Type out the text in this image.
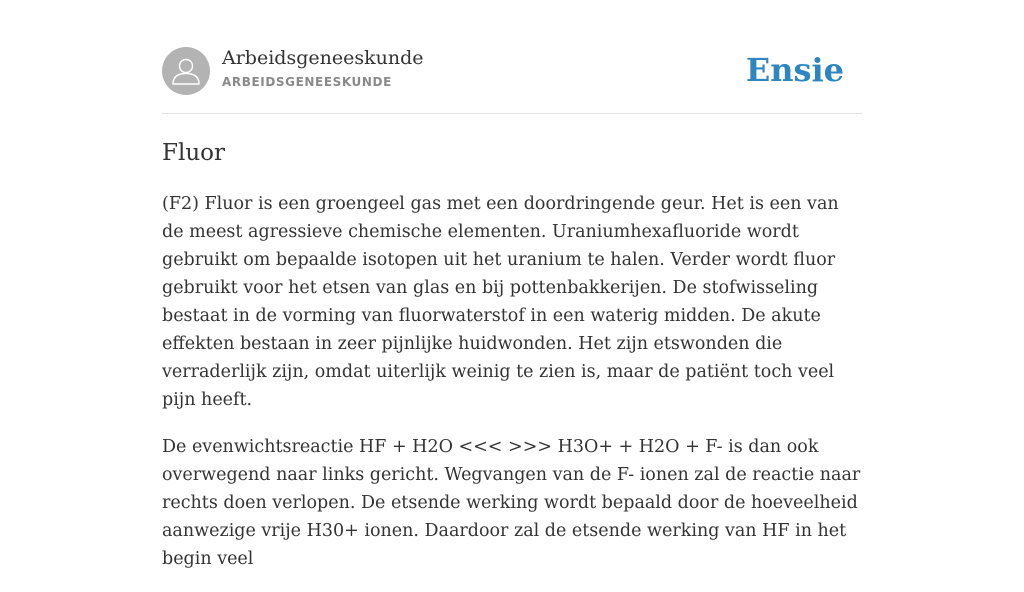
Arbeidsgeneeskunde
ARBEIDSGENEESKUNDE	Ensie
Fluor

(F2) Fluor is een groengeel gas met een doordringende geur. Het is een van de meest agressieve chemische elementen. Uraniumhexafluoride wordt gebruikt om bepaalde isotopen uit het uranium te halen. Verder wordt fluor gebruikt voor het etsen van glas en bij pottenbakkerijen. De stofwisseling bestaat in de vorming van fluorwaterstof in een waterig midden. De akute effekten bestaan in zeer pijnlijke huidwonden. Het zijn etswonden die verraderlijk zijn, omdat uiterlijk weinig te zien is, maar de patiënt toch veel pijn heeft.

De evenwichtsreactie HF + H2O <<< >>> H3O+ + H2O + F- is dan ook overwegend naar links gericht. Wegvangen van de F- ionen zal de reactie naar rechts doen verlopen. De etsende werking wordt bepaald door de hoeveelheid aanwezige vrije H30+ ionen. Daardoor zal de etsende werking van HF in het begin veel
